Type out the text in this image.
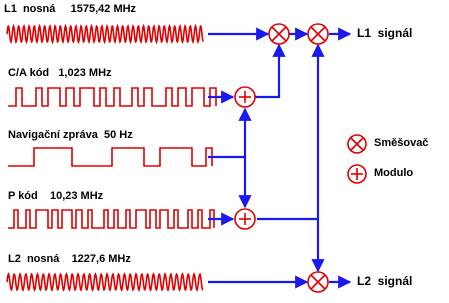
L1  nosná     1575,42 MHz
C/A kód   1,023 MHz
Navigační zpráva  50 Hz
P kód    10,23 MHz
L2  nosná    1227,6 MHz
L1  signál
L2  signál
Směšovač
Modulo
